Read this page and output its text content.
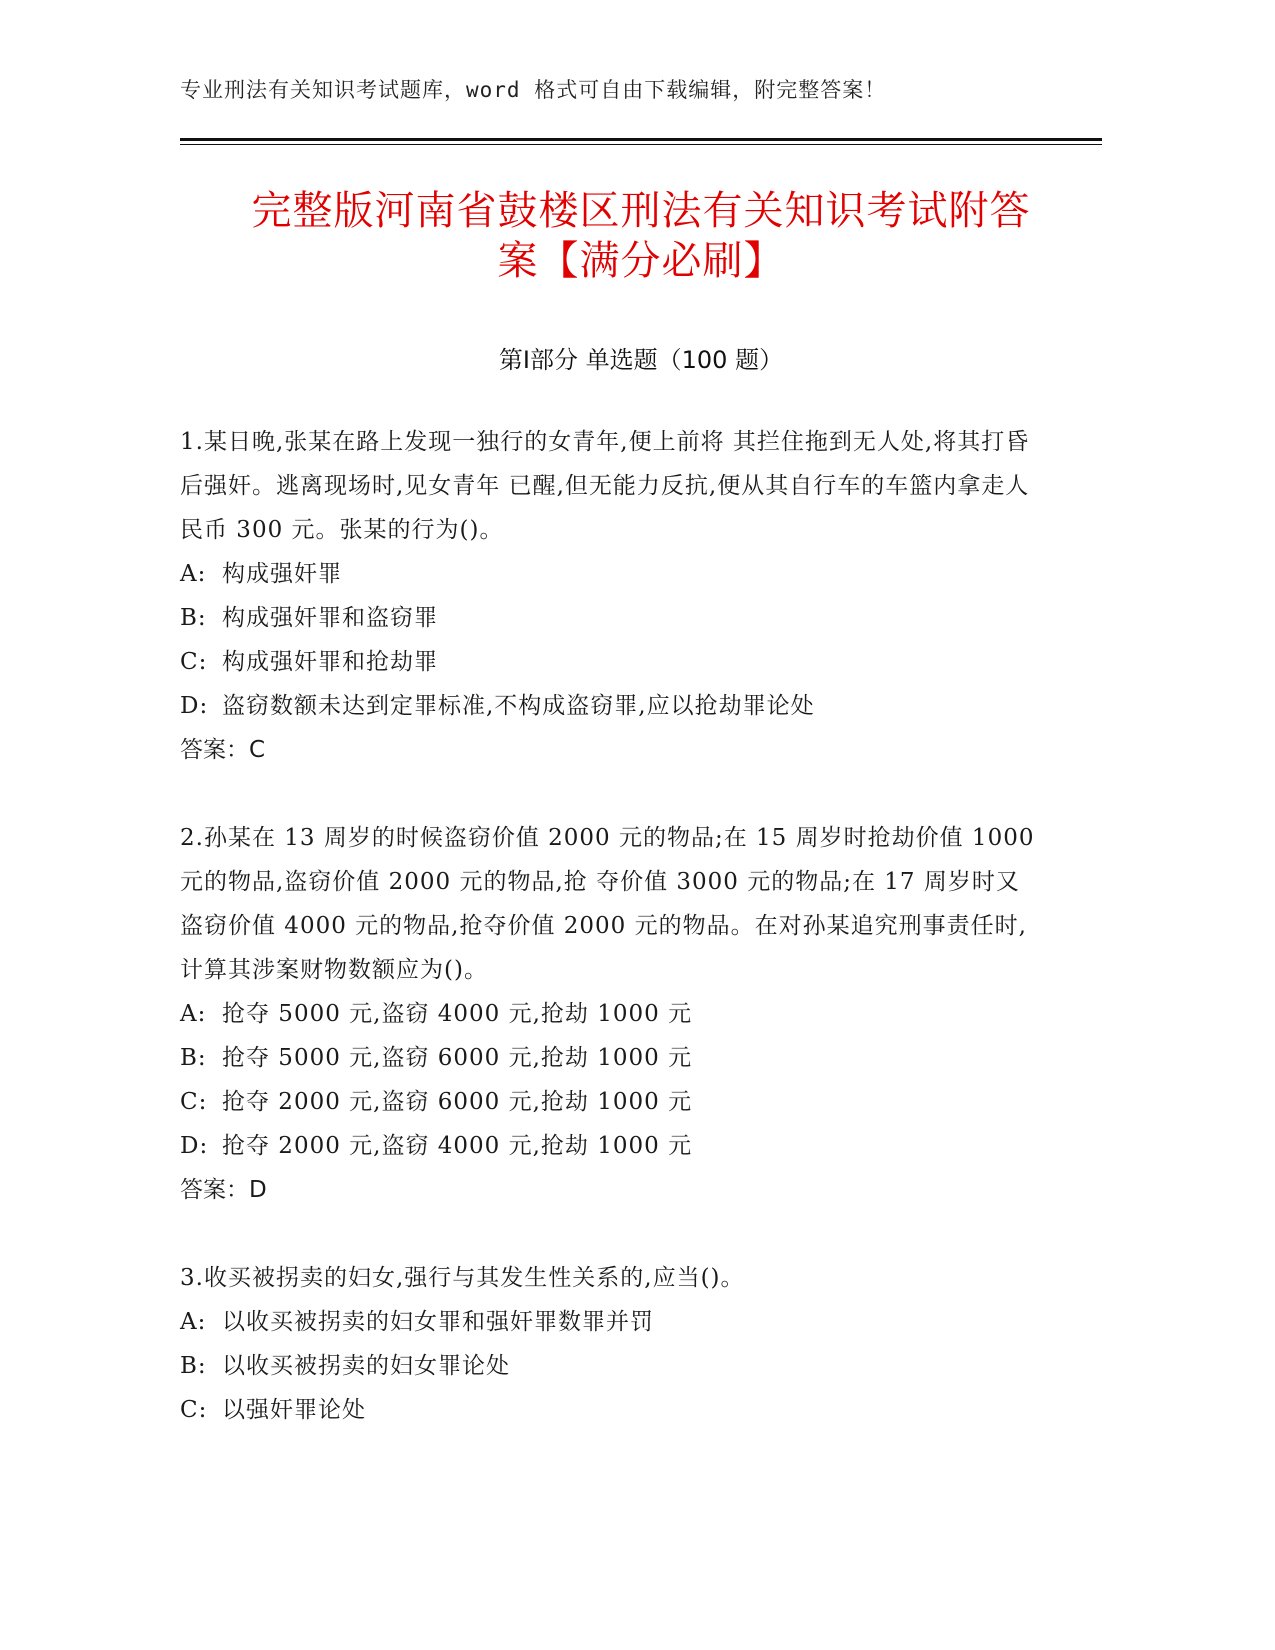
专业刑法有关知识考试题库，word 格式可自由下载编辑，附完整答案！
完整版河南省鼓楼区刑法有关知识考试附答
案【满分必刷】
第Ⅰ部分 单选题（100 题）

1.某日晚,张某在路上发现一独行的女青年,便上前将 其拦住拖到无人处,将其打昏后强奸。逃离现场时,见女青年 已醒,但无能力反抗,便从其自行车的车篮内拿走人民币 300 元。张某的行为()。

A: 构成强奸罪
B: 构成强奸罪和盗窃罪
C: 构成强奸罪和抢劫罪
D: 盗窃数额未达到定罪标准,不构成盗窃罪,应以抢劫罪论处
答案：C

2.孙某在 13 周岁的时候盗窃价值 2000 元的物品;在 15 周岁时抢劫价值 1000 元的物品,盗窃价值 2000 元的物品,抢 夺价值 3000 元的物品;在 17 周岁时又盗窃价值 4000 元的物品,抢夺价值 2000 元的物品。在对孙某追究刑事责任时,计算其涉案财物数额应为()。

A: 抢夺 5000 元,盗窃 4000 元,抢劫 1000 元
B: 抢夺 5000 元,盗窃 6000 元,抢劫 1000 元
C: 抢夺 2000 元,盗窃 6000 元,抢劫 1000 元
D: 抢夺 2000 元,盗窃 4000 元,抢劫 1000 元
答案：D

3.收买被拐卖的妇女,强行与其发生性关系的,应当()。

A: 以收买被拐卖的妇女罪和强奸罪数罪并罚
B: 以收买被拐卖的妇女罪论处
C: 以强奸罪论处
